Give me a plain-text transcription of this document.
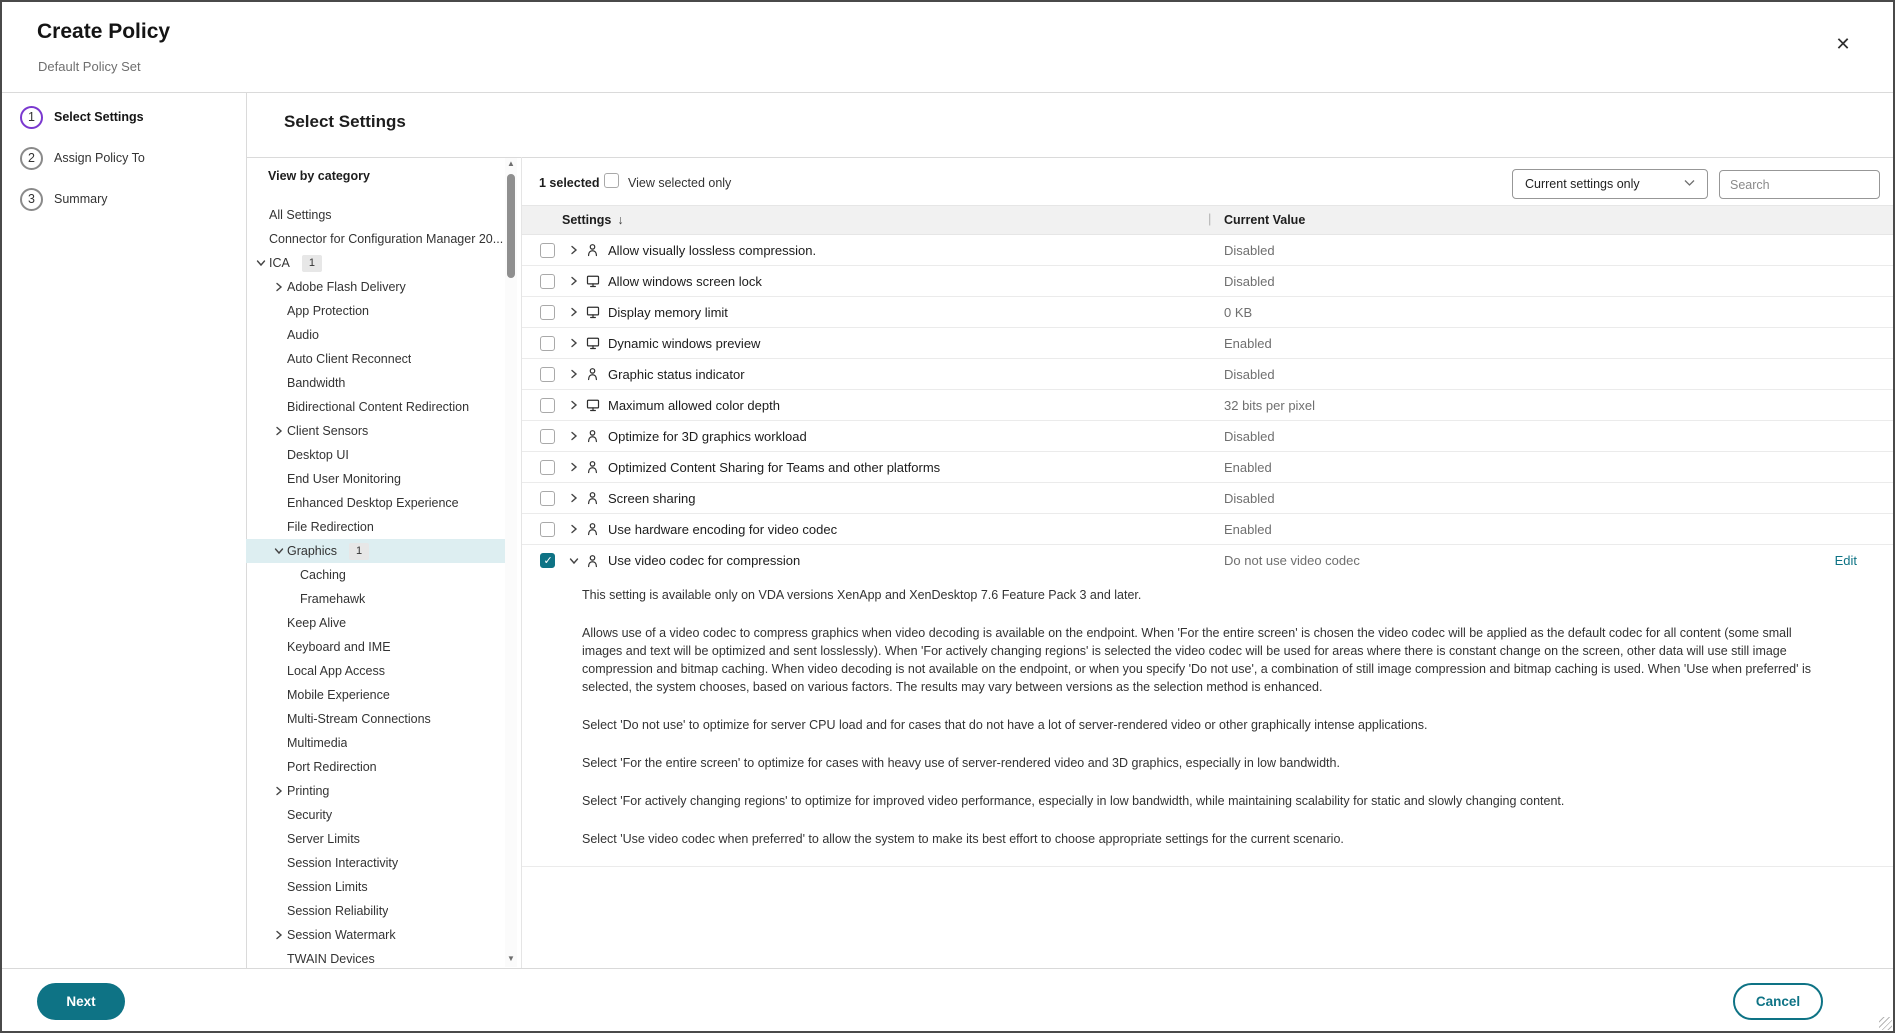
Create Policy
Default Policy Set
✕
1	Select Settings
2	Assign Policy To
3	Summary
Select Settings
View by category
All Settings
Connector for Configuration Manager 20...
ICA	1
Adobe Flash Delivery
App Protection
Audio
Auto Client Reconnect
Bandwidth
Bidirectional Content Redirection
Client Sensors
Desktop UI
End User Monitoring
Enhanced Desktop Experience
File Redirection
Graphics	1
Caching
Framehawk
Keep Alive
Keyboard and IME
Local App Access
Mobile Experience
Multi-Stream Connections
Multimedia
Port Redirection
Printing
Security
Server Limits
Session Interactivity
Session Limits
Session Reliability
Session Watermark
TWAIN Devices
▲
▼
1 selected View selected only	Current settings only
Search
Settings ↓	| Current Value
Allow visually lossless compression.	Disabled
Allow windows screen lock	Disabled
Display memory limit	0 KB
Dynamic windows preview	Enabled
Graphic status indicator	Disabled
Maximum allowed color depth	32 bits per pixel
Optimize for 3D graphics workload	Disabled
Optimized Content Sharing for Teams and other platforms	Enabled
Screen sharing	Disabled
Use hardware encoding for video codec	Enabled
✓
Use video codec for compression	Do not use video codec	Edit

This setting is available only on VDA versions XenApp and XenDesktop 7.6 Feature Pack 3 and later.

Allows use of a video codec to compress graphics when video decoding is available on the endpoint. When 'For the entire screen' is chosen the video codec will be applied as the default codec for all content (some small images and text will be optimized and sent losslessly). When 'For actively changing regions' is selected the video codec will be used for areas where there is constant change on the screen, other data will use still image compression and bitmap caching. When video decoding is not available on the endpoint, or when you specify 'Do not use', a combination of still image compression and bitmap caching is used. When 'Use when preferred' is selected, the system chooses, based on various factors. The results may vary between versions as the selection method is enhanced.

Select 'Do not use' to optimize for server CPU load and for cases that do not have a lot of server-rendered video or other graphically intense applications.

Select 'For the entire screen' to optimize for cases with heavy use of server-rendered video and 3D graphics, especially in low bandwidth.

Select 'For actively changing regions' to optimize for improved video performance, especially in low bandwidth, while maintaining scalability for static and slowly changing content.

Select 'Use video codec when preferred' to allow the system to make its best effort to choose appropriate settings for the current scenario.

Next	Cancel
